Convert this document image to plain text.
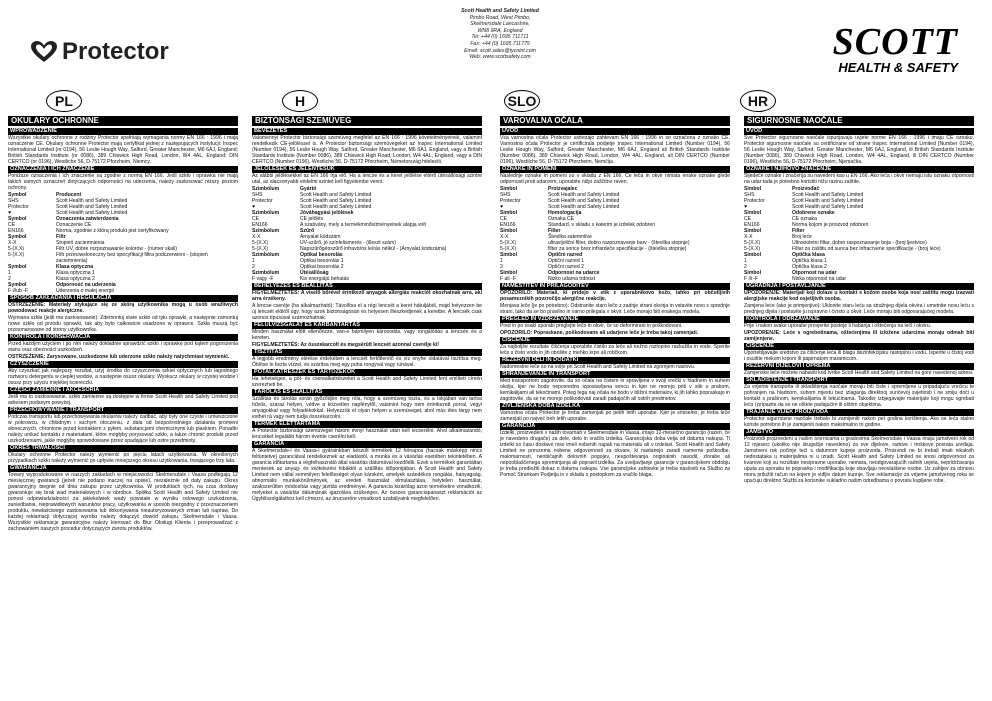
Protector
Scott Health and Safety Limited
Pimbo Road, West Pimbo,
Skelmersdale Lancashire,
WN8 9RA, England
Tel: +44 (0) 1695 711711
Fax: +44 (0) 1695 711775
Email: scott.sales@tycoint.com
Web: www.scottsafety.com	SCOTT
HEALTH & SAFETY
PL	H	SLO	HR
OKULARY OCHRONNE
WPROWADZENIE
Wszystkie okulary ochronne z rodziny Protector spełniają wymagania normy EN 166 : 1996 i mają oznaczenie CE. Okulary ochronne Protector mają certyfikat jednej z następujących instytucji: Inspec International Limited (nr 0194), 56 Leslie Hough Way, Salford, Greater Manchester, M6 6AJ, England; British Standards Institute (nr 0086), 389 Chiswick High Road, London, W4 4AL, England; DIN CERTCO (nr 0196), Westliche 56, D-75172 Pforzheim, Niemcy.
OZNACZENIA I ICH ZNACZENIE
Poniższe oznaczenia i ich znaczenie są zgodne z normą EN 166. Jeśli szkło i oprawka nie mają takich samych oznaczeń dotyczących odporności na uderzenia, należy zastosować niższy poziom ochrony.
Symbol	Producent
SHS	Scott Health and Safety Limited
Protector	Scott Health and Safety Limited
♥	Scott Health and Safety Limited
Symbol	Oznaczenia zatwierdzenia
CE	Oznaczenie CE
EN166	Norma, zgodnie z którą produkt jest certyfikowany
Symbol	Filtr
X-X	Stopień zaciemnienia
5-(X.X)	Filtr UV, dobre rozpoznawanie kolorów - (numer skali)
5-(X.X)	Filtr przeciwsłoneczny bez specyfikacji filtra podczerwieni - (stopień zaciemnienia)
Symbol	Klasa optyczna
1	Klasa optyczna 1
2	Klasa optyczna 2
Symbol	Odporność na uderzenia
F i/lub -F	Uderzenia o małej energii
SPOSÓB ZAKŁADANIA I REGULACJA
OSTRZEŻENIE: Materiały stykające się ze skórą użytkownika mogą u osób wrażliwych powodować reakcje alergiczne.
Wymiana szkła (jeśli ma zastosowanie): Zdemontuj stare szkło od tyłu oprawki, a następnie zamontuj nowe szkło od przodu oprawki, tak aby było całkowicie osadzone w oprawce. Szkła muszą być przesmarowane od strony użytkownika.
KONTROLA I KONSERWACJA
Przed każdym użyciem i po nim należy dokładnie sprawdzić szkło i oprawkę pod kątem pogorszenia stanu oraz obecności uszkodzeń.
OSTRZEŻENIE: Zarysowane, uszkodzone lub uderzone szkło należy natychmiast wymienić.
CZYSZCZENIE
Aby czyszkać jak najlepszy rezultat, użyj środka do czyszczenia szkieł optycznych lub łagodnego roztworu detergentu w ciepłej wodzie, a następnie osusz okulary. Wyskucz okulary w czystej wodzie i osusz przy użyciu miękkiej ściereczki.
CZĘŚCI ZAMIENNE I AKCESORIA
Jeśli ma to zastosowanie, szkło zamienne są dostępne w firmie Scott Health and Safety Limited pod adresem podanym powyżej.
PRZECHOWYWANIE I TRANSPORT
Podczas transportu lub przechowywania okularów należy zadbać, aby były one czyste i umieszczone w pokrowcu, w chłodnym i suchym otoczeniu, z dala od bezpośredniego działania promieni słonecznych, chronione przed kontaktem z pyłem, substancjami chemicznymi lub piaskiem. Ponadto należy unikać kontaktu z materiałami, które mogłyby porysować szkło, a także chronić produkt przed uszkodzeniami, jakie mogłyby spowodowane przez spadające lub ostre przedmioty.
OKRES TRWAŁOŚCI
Okulary ochronne Protector należy wymienić po pięciu latach użytkowania. W określonych przypadkach szkło należy wymienić po upływie mniejszego okresu użytkowania, trwającego trzy lata.
GWARANCJA
Towary wyprodukowane w naszych zakładach w miejscowości Skelmersdale i Vaasa podlegają 12 miesięcznej gwarancji (jeżeli nie podano inaczej na opisie), niezależnie od daty zakupu. Okres gwarancyjny biegnie od dnia zakupu przez użytkownika. W produktach tych, na czas dostawy gwarantuje się brak wad materiałowych i w obróbce. Spółka Scott Health and Safety Limited nie ponosi odpowiedzialności za jakiekolwiek wady powstałe w wyniku celowego uszkodzenia, zaniedbania, nieprawidłowych warunków pracy, użytkowania w sposób niezgodny z przeznaczeniem produktu, niewłaściwego zastosowania lub dokonywania nieautoryzowanych zmian lub napraw. Do każdej reklamacji dotyczącej wyrobu należy dołączyć dowód zakupu. Skelmersdale i Vaasa. Wszystkie reklamacje gwarancyjne należy kierować do Biur Obsługi Klienta i przeprowadzać z zachowaniem naszych procedur dotyczących zwrotu produktów.
BIZTONSÁGI SZEMÜVEG
BEVEZETÉS
Valamennyi Protector biztonsági szemüveg megfelel az EN 166 : 1996 követelményeinek, valamint rendelkezik CE-jelöléssel is. A Protector biztonsági szemüvegeket az Inspec International Limited (Number 0194), 56 Leslie Hough Way, Salford, Greater Manchester, M6 6AJ, England, vagy a British Standards Institute (Number 0086), 389 Chiswick High Road, London, W4 4AL, England, vagy a DIN CERTCO (Number 0196), Westliche 56, D-75172 Pforzheim, Németország hitelesíti.
JELÖLÉSEK ÉS JELENTÉSÜK
Az alábbi jelölésekkel az EN 166 írja elő. Ha a lencse és a keret jelölése eltérő ütésállósági szintre utal, az alacsonyabb védelmi szintet kell figyelembe venni.
Szimbólum	Gyártó
SHS	Scott Health and Safety Limited
Protector	Scott Health and Safety Limited
♥	Scott Health and Safety Limited
Szimbólum	Jóváhagyási jelölések
CE	CE jelölés
EN166	A szabvány, mely a termékminősítményeinek alapja volt
Szimbólum	Szűrő
X-X	Árnyalat kódszám
5-(X.X)	UV-szűrő, jó színfelismerés - (illeszt szám)
5-(X.X)	Napszűrőgénszűrő infravörös leírás nélkül - (Árnyalat kódszáma)
Szimbólum	Optikai besorolás
1	Optikai besorolás 1
2	Optikai besorolás 2
Szimbólum	Ütésállóság
F vagy -F	Kis energiájú behatás
BEHELYEZÉS ÉS BEÁLLÍTÁS
FIGYELMEZTETÉS: A viselő bőrével érintkező anyagok allergiás reakciót okozhatnak arra, aki arra érzékeny.
A lencse cseréje (ha alkalmazható): Távolítsa el a régi lencsét a keret hátuljából, majd helyezzen be új lencsét elölről úgy, hogy azok biztonságosan és helyesen illeszkedjenek a keretbe. A lencsék csak azonos típusúval szárnozhatnak.
FELÜLVIZSGÁLAT ÉS KARBANTARTÁS
Minden használat előtt ellenőrizze, van-e bármilyen károsodás, vagy rongálódás a lencsén és a kereten.
FIGYELMEZTETÉS: Az összekarcolt és megsérült lencsét azonnal cserélje ki!
TISZTÍTÁS
A legjobb eredmény elérése érdekében a lencsét fertőtlenítő és víz enyhe oldatával tisztítsa meg. Öblítse le tiszta vízzel, és szárítsa meg egy puha rongyval vagy ruhával.
PÓTALKATRÉSZEK ÉS TARTOZÉKOK
Ha lehetséges, a pót- és cserealkatrészeket a Scott Health and Safety Limited fent említett címén szerezheti be.
TÁROLÁS ÉS SZÁLLÍTÁS
Szállítás és tárolás során győződjön meg róla, hogy a szemüveg tiszta, és a tokjában van tartva hűvös, száraz helyen, védve a közvetlen napfénytől, valamint hogy nem érintkezett porral, vegyi anyagokkal vagy folyadékokkal. Helyezzük el olyan helyen a szemüveget, ahol más éles tárgy nem esthet rá vagy nem tudja összekarcolni.
TERMÉK ÉLETTARTAMA
A Protector biztonsági szemüveget három évnyi használat után kell lecserélni. Ahol alkalmazandó, lencséket legalább három évente cserélni kell.
GARANCIA
A Skelmersdale-i és Vaasa-i gyárainkban készült termékek 12 hónapos (hacsak másképp nincs feltüntetve) garanciával rendelkeznek az eladástól, a munka és a vásárlás esetében tekintetében. A garancia időtartama a végfelhasználó által vásárlás dátumával kezdődik. Ezek a termékek garantáltan mentesek az anyag- és kivitelezési hibáktól a szállítás időpontjában. A Scott Health and Safety Limited nem vállal semmilyen felelősséget olyan károkért, amelyek szándékos rongálás, hanyagság, abnormális munkakörülmények, az eredeti használat elmulasztása, helytelen használat, szakszerűtlen módosítás vagy javítás eredményei. A garancia kizárólag azon termékekre vonatkozik, melyeket a vásárlás dátumának igazolása szükséges. Az összes garanciapanaszt reklamációt az Ügyfélszolgálathoz kell címezni, az árucserére vonatkozó szabályaink megfelelően.
VAROVALNA OČALA
UVOD
Vsa varnostna očala Protector ustrezajo zahtevam EN 166 : 1996 in so označena z oznako CE. Varnostna očala Protector je certificirala podjetje Inspec International Limited (Number 0194), 56 Leslie Hough Way, Salford, Greater Manchester, M6 6AJ, England ali British Standards Institute (Number 0086), 389 Chiswick High Road, London, W4 4AL, England, ali DIN CERTCO (Number 0196), Westliche 56, D-75172 Pforzheim, Nemčija.
OZNAKE IN POMENI
Naslednje oznake in pomeni so v skladu z EN 166. Če leča in okvir nimata enake oznake glede odpornosti proti udarcem, uporabite nižjo zaščitno raven.
Simbol	Proizvajalec
SHS	Scott Health and Safety Limited
Protector	Scott Health and Safety Limited
♥	Scott Health and Safety Limited
Simbol	Homologacija
CE	Oznaka CE
EN166	Standard, v skladu s katerim je izdelek odobren
Simbol	Filter
X-X	Številka zatemnitve
5-(X.X)	ultravijolični filter, dobro razpoznavanje barv - (številka stopnje)
5-(X.X)	filter za sonce brez infrardeče specifikacije - (številka stopnje)
Simbol	Optični razred
1	Optični razred 1
2	Optični razred 2
Simbol	Odpornost na udarce
F ali -F	Nizko udarna trdnost
NAMESTITEV IN PRILAGODITEV
OPOZORILO: Materiali, ki pridejo v stik z uporabnikovo kožo, lahko pri občutljivih posameznikih povzročijo alergične reakcije.
Menjava leče (je po potrebno): Odstranite staro lečo z zadnje strani okvirja in vstavite novo s sprednje strani, tako da se bo pravilno in varno prilegala v okvir. Leče morajo biti enakega modela.
PREGLED IN VZDRŽEVANJE
Pred in po vsaki uporabi preglejte lečo in okvir, če so deformirani in poškodovani.
OPOZORILO: Popraskane, poškodovane ali udarjene leče je treba takoj zamenjati.
ČIŠČENJE
Za najboljše rezultate čiščenja uporabite čistilo za leče ali nežno raztopino razkužila in vode. Sperite leče s čisto vodo in jih obrišite z mehko krpo ali robčkom.
REZERVNI DELI IN DODATKI
Nadomestne leče so na voljo pri Scott Health and Safety Limited na zgornjem naslovu.
SHRANJEVANJE IN TRANSPORT
Med transportom zagotovite, da so očala na čistem in spravljena v svoji vrečki v hladnem in suhem okolju, kjer ne bodo neposredno izpostavljena soncu in kjer ne morejo priti v stik s prahom, kemikalijami ali tekočinami. Poleg tega naj očala ne bodo v bližini materialov, ki jih lahko popraskajo in zagotovite, da se ne morejo poškodovati zaradi padajočih ali ostrih predmetov.
ŽIVLJENSKA DOBA IZDELKA
Varnostna očala Protector je treba zamenjati po petih letih uporabe. Kjer je smiselno, je treba leče zamenjati po najveć treh letih uporabe.
GARANCIJA
Izdelki, proizvedeni v naših tovarnah v Skelmersdale in Vaasa, imajo 12-mesečno garancijo (razen, če je navedeno drugače) za dele, delo in vračilo izdelka. Garancijska doba velja od datuma nakupa. Ti izdelki so času dostave niso imeli nobenih napak na materialu ali v izdelavi. Scott Health and Safety Limited ne prevzema nobene odgovornosti za okvare, ki nastanejo zaradi namerne poškodbe, malomarnosti, neobičajnih delovnih pogojev, neupoštevanja originalnih navodil, zlorabe ali nepooblaščenega spreminjanja ali popravil izdelka. Za uveljavljanje garancije v garancijskem obdobju je treba predložiti dokaz o datumu nakupa. Vse garancijske zahtevke je treba nasloviti na Službo za Pomoč Strankam Podjetja in v skladu s postopkom za vračilo blaga.
SIGURNOSNE NAOČALE
UVOD
Sve Protector sigurnosne naočale ispunjavaju uvjete norme EN 166 : 1996 i imaju CE oznaku. Protector sigurnosne naočale su certificirane od strane Inspec International Limited (Number 0194), 56 Leslie Hough Way, Salford, Greater Manchester, M6 6AJ, England, ili British Standards Institute (Number 0086), 389 Chiswick High Road, London, W4 4AL, England, ili DIN CERTCO (Number 0196), Westliche 56, D-75172 Pforzheim, Njemačka.
OZNAKE I NJIHOVO ZNAČENJE
Sljedeće oznake i značenja su navedeni kao u EN 166. Ako leća i okvir nemaju istu oznaku otpornosti na udar tada je potrebno koristiti nižu razinu zaštite.
Simbol	Proizvođač
SHS	Scott Health and Safety Limited
Protector	Scott Health and Safety Limited
♥	Scott Health and Safety Limited
Simbol	Odobrene oznake
CE	CE oznaka
EN166	Norma kojom je proizvod odobren
Simbol	Filter
X-X	Broj leće
5-(X.X)	Ultravioletni filtar, dobro raspoznavanje boja - (broj ljestvice)
5-(X.X)	Filtar za zaštitu od sunca bez infracrvene specifikacije - (broj leće)
Simbol	Optička klasa
1	Optička klasa 1
2	Optička klasa 2
Simbol	Otpornost na udar
F ili -F	Niska otpornost na udar
UGRADNJA I POSTAVLJANJE
UPOZORENJE: Materijali koji dolaze u kontakt s kožom osobe koja nosi zaštitu mogu izazvati alergijske reakcije kod osjetljivih osoba.
Zamjena leće (ako je primjenjivo): Uklonite staru leću sa stražnjeg dijela okvira i umetnite novu leću s prednjeg dijela i postavite ju ispravno i čvrsto u okvir. Leće moraju biti odgovarajućeg modela.
KONTROLA I ODRŽAVANJE
Prije i nakon svake uporabe provjerite postoje li habanja i oštećenja na leći i okviru.
UPOZORENJE: Leće s ogrebotinama, oštećenjima ili izložene udarcima moraju odmah biti zamijenjene.
ČIŠĆENJE
Upotrebljavajte sredstvo za čišćenje leća ili blagu dezinfekcijsku rastopinu i vodu. Isperite u čistoj vodi i osušite mekom krpom ili papirnatom maramicom.
REZERVNI DIJELOVI I OPREMA
Zamjenske leće možete nabaviti kod tvrtke Scott Health and Safety Limited na gore navedenoj adresi.
SKLADIŠTENJE I TRANSPORT
Za vrijeme transporta ili skladištenja naočale moraju biti čiste i spremljene u pripadajuću vrećicu te pohranjen na hladnom, suhom mjestu bez izlaganja direktnoj sunčevoj svjetlosti i ne smiju doći u kontakt s prašinom, kemikalijama ili tekućinama. Također izbjegavajte materijale koji mogu ogrebati leću i pripazite da se ne oštete padajućim ili oštrim objektima.
TRAJANJE VIJEK PROIZVODA
Protector sigurnosne naočale trebalo bi zamijeniti nakon pet godina korištenja. Ako se leća stalno koriste potrebno ih je zamijeniti nakon maksimalno tri godine.
JAMSTVO
Proizvodi proizvedeni u našim tvornicama u gradovima Skelmersdale i Vaasa imaju jamstveni rok od 12 mjeseci (ukoliko nije drugačije navedeno) za sve dijelove, radove i troškove povrata uređaja. Jamstveni rok počinje teći s datumom kupnje proizvoda. Proizvodi ne bi trebali imati nikakvih nedostataka u materijalima ni u izradi. Scott Health and Safety Limited ne snosi odgovornost za kvarove koji su rezultate nesipravne uporabe, nemara, neodgovarajućih radnih uvjeta, nepridržavanja uputa za uporabu te popravka i modifikacija koje obavljaju neovlaštene osobe. Uz zahtjev za obnovu mora priložiti račun na kojem je vidljiv datum kupnje. Sve reklamacije za vrijeme jamstvenog roka se upućuju direktno Službi za korisnike sukladno našim odredbama o povratu kupljene robe.
